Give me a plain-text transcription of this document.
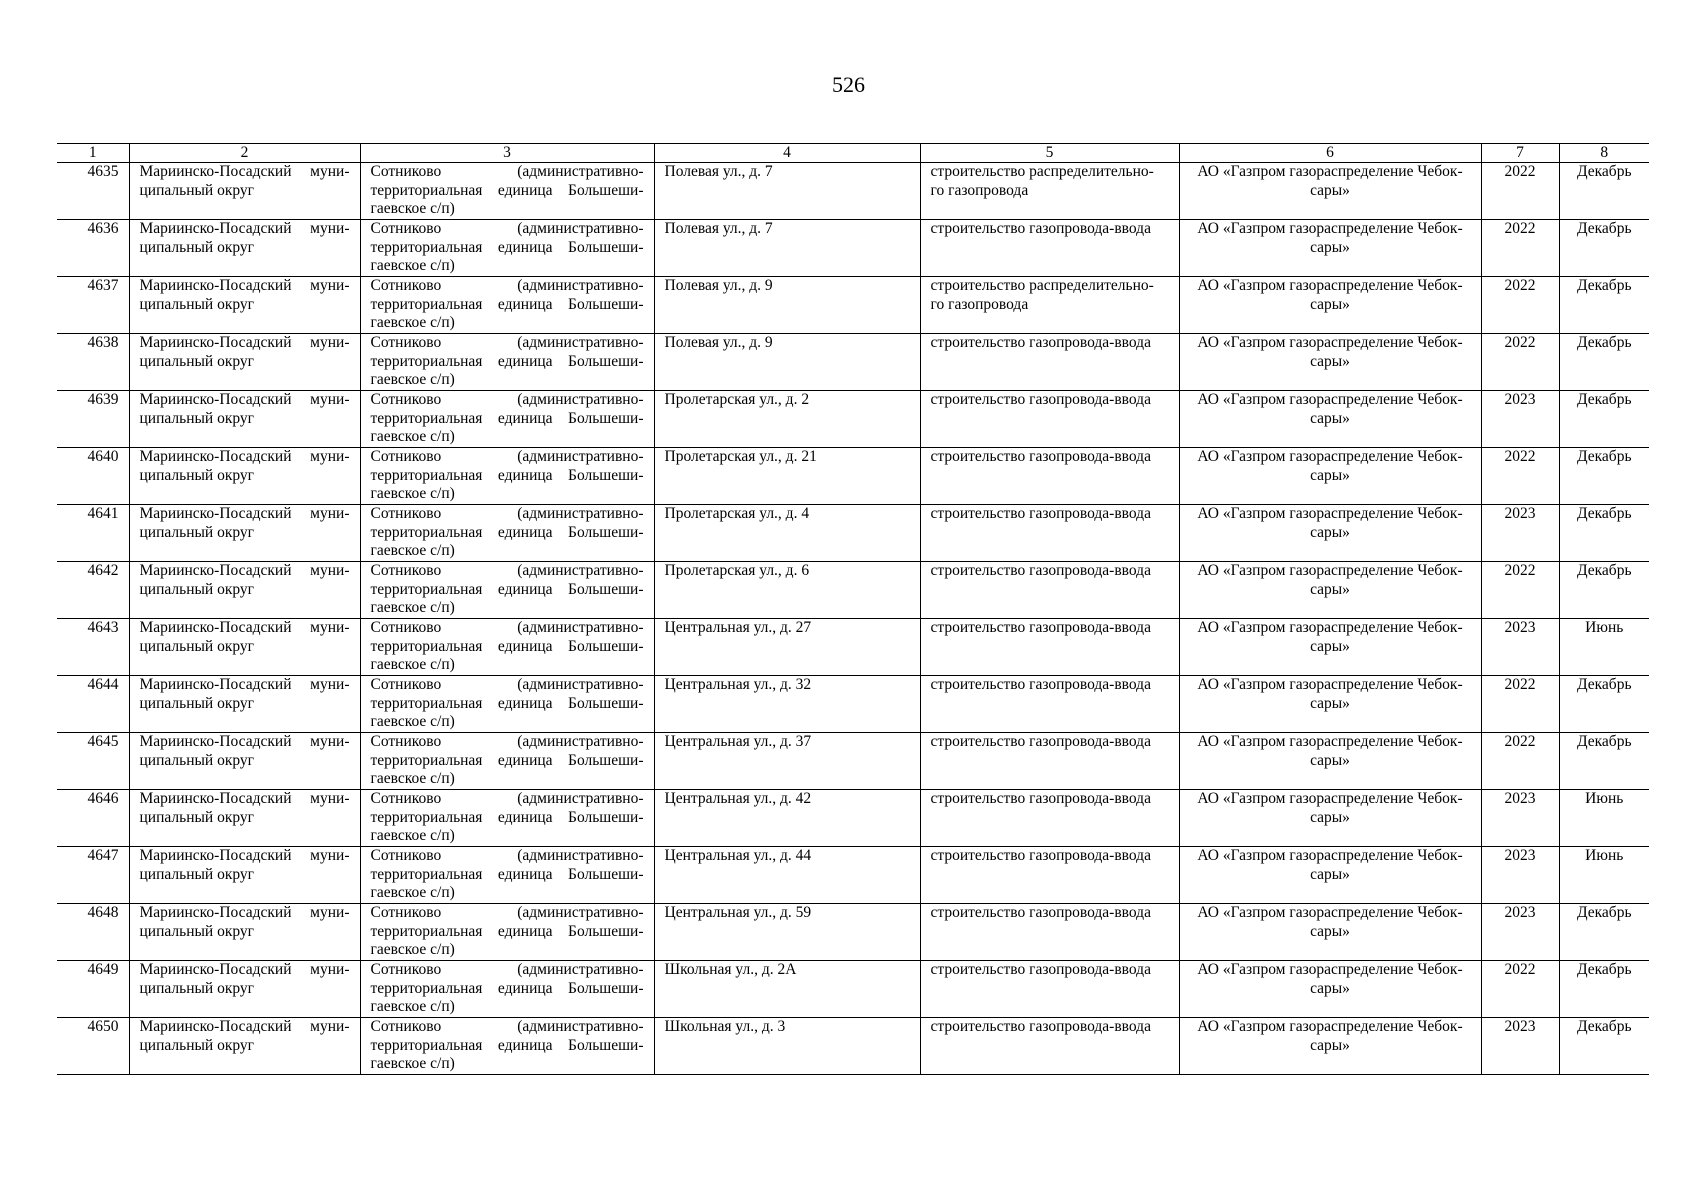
526
1	2	3	4	5	6	7	8
4635	Мариинско-Посадский муни- ципальный округ	Сотниково (административно- территориальная единица Большеши- гаевское с/п)	Полевая ул., д. 7	строительство распределительно- го газопровода	АО «Газпром газораспределение Чебок- сары»	2022	Декабрь
4636	Мариинско-Посадский муни- ципальный округ	Сотниково (административно- территориальная единица Большеши- гаевское с/п)	Полевая ул., д. 7	строительство газопровода-ввода	АО «Газпром газораспределение Чебок- сары»	2022	Декабрь
4637	Мариинско-Посадский муни- ципальный округ	Сотниково (административно- территориальная единица Большеши- гаевское с/п)	Полевая ул., д. 9	строительство распределительно- го газопровода	АО «Газпром газораспределение Чебок- сары»	2022	Декабрь
4638	Мариинско-Посадский муни- ципальный округ	Сотниково (административно- территориальная единица Большеши- гаевское с/п)	Полевая ул., д. 9	строительство газопровода-ввода	АО «Газпром газораспределение Чебок- сары»	2022	Декабрь
4639	Мариинско-Посадский муни- ципальный округ	Сотниково (административно- территориальная единица Большеши- гаевское с/п)	Пролетарская ул., д. 2	строительство газопровода-ввода	АО «Газпром газораспределение Чебок- сары»	2023	Декабрь
4640	Мариинско-Посадский муни- ципальный округ	Сотниково (административно- территориальная единица Большеши- гаевское с/п)	Пролетарская ул., д. 21	строительство газопровода-ввода	АО «Газпром газораспределение Чебок- сары»	2022	Декабрь
4641	Мариинско-Посадский муни- ципальный округ	Сотниково (административно- территориальная единица Большеши- гаевское с/п)	Пролетарская ул., д. 4	строительство газопровода-ввода	АО «Газпром газораспределение Чебок- сары»	2023	Декабрь
4642	Мариинско-Посадский муни- ципальный округ	Сотниково (административно- территориальная единица Большеши- гаевское с/п)	Пролетарская ул., д. 6	строительство газопровода-ввода	АО «Газпром газораспределение Чебок- сары»	2022	Декабрь
4643	Мариинско-Посадский муни- ципальный округ	Сотниково (административно- территориальная единица Большеши- гаевское с/п)	Центральная ул., д. 27	строительство газопровода-ввода	АО «Газпром газораспределение Чебок- сары»	2023	Июнь
4644	Мариинско-Посадский муни- ципальный округ	Сотниково (административно- территориальная единица Большеши- гаевское с/п)	Центральная ул., д. 32	строительство газопровода-ввода	АО «Газпром газораспределение Чебок- сары»	2022	Декабрь
4645	Мариинско-Посадский муни- ципальный округ	Сотниково (административно- территориальная единица Большеши- гаевское с/п)	Центральная ул., д. 37	строительство газопровода-ввода	АО «Газпром газораспределение Чебок- сары»	2022	Декабрь
4646	Мариинско-Посадский муни- ципальный округ	Сотниково (административно- территориальная единица Большеши- гаевское с/п)	Центральная ул., д. 42	строительство газопровода-ввода	АО «Газпром газораспределение Чебок- сары»	2023	Июнь
4647	Мариинско-Посадский муни- ципальный округ	Сотниково (административно- территориальная единица Большеши- гаевское с/п)	Центральная ул., д. 44	строительство газопровода-ввода	АО «Газпром газораспределение Чебок- сары»	2023	Июнь
4648	Мариинско-Посадский муни- ципальный округ	Сотниково (административно- территориальная единица Большеши- гаевское с/п)	Центральная ул., д. 59	строительство газопровода-ввода	АО «Газпром газораспределение Чебок- сары»	2023	Декабрь
4649	Мариинско-Посадский муни- ципальный округ	Сотниково (административно- территориальная единица Большеши- гаевское с/п)	Школьная ул., д. 2А	строительство газопровода-ввода	АО «Газпром газораспределение Чебок- сары»	2022	Декабрь
4650	Мариинско-Посадский муни- ципальный округ	Сотниково (административно- территориальная единица Большеши- гаевское с/п)	Школьная ул., д. 3	строительство газопровода-ввода	АО «Газпром газораспределение Чебок- сары»	2023	Декабрь
